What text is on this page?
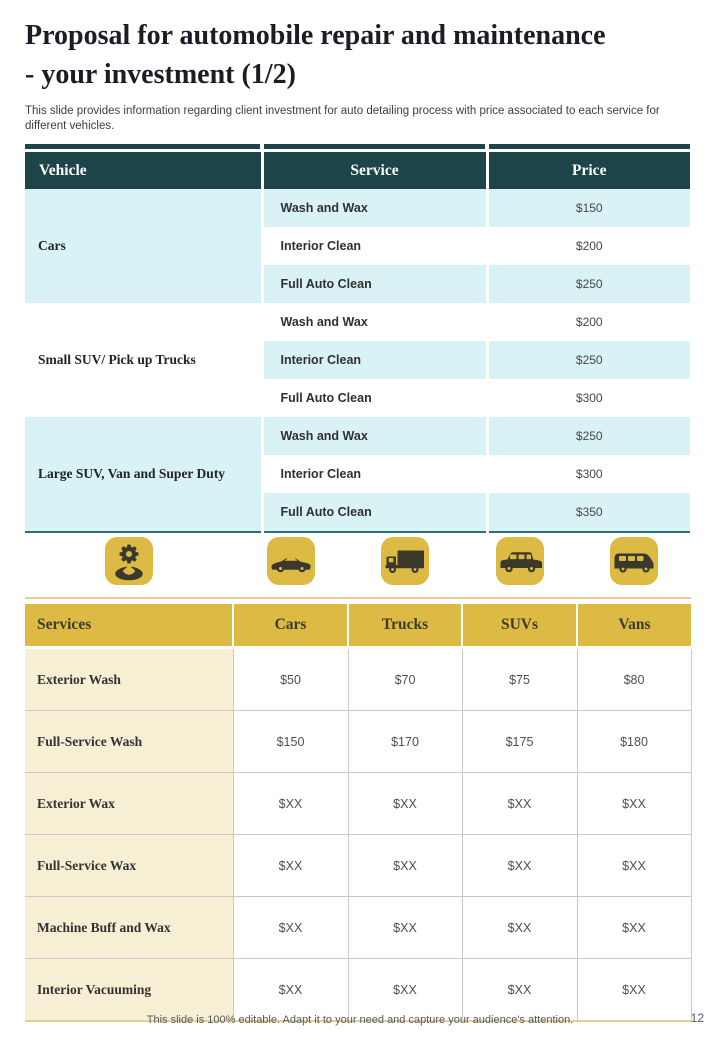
Proposal for automobile repair and maintenance
- your investment (1/2)
This slide provides information regarding client investment for auto detailing process with price associated to each service for different vehicles.
Vehicle	Service	Price
Cars	Wash and Wax	$150
	Interior Clean	$200
	Full Auto Clean	$250
Small SUV/ Pick up Trucks	Wash and Wax	$200
	Interior Clean	$250
	Full Auto Clean	$300
Large SUV, Van and Super Duty	Wash and Wax	$250
	Interior Clean	$300
	Full Auto Clean	$350
Services	Cars	Trucks	SUVs	Vans
Exterior Wash	$50	$70	$75	$80
Full-Service Wash	$150	$170	$175	$180
Exterior Wax	$XX	$XX	$XX	$XX
Full-Service Wax	$XX	$XX	$XX	$XX
Machine Buff and Wax	$XX	$XX	$XX	$XX
Interior Vacuuming	$XX	$XX	$XX	$XX
This slide is 100% editable. Adapt it to your need and capture your audience's attention.	12
